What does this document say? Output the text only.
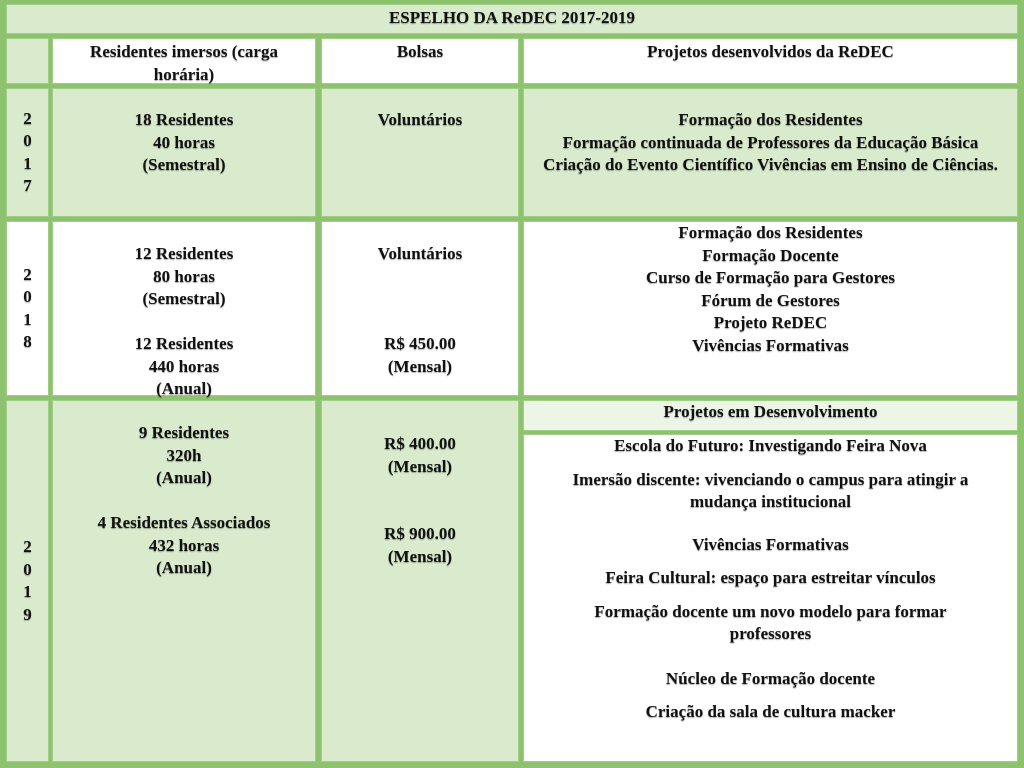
ESPELHO DA ReDEC 2017-2019
Residentes imersos (carga horária)
Bolsas	Projetos desenvolvidos da ReDEC
2
0
1
7
18 Residentes
40 horas
(Semestral)
Voluntários	Formação dos Residentes
Formação continuada de Professores da Educação Básica
Criação do Evento Científico Vivências em Ensino de Ciências.
2
0
1
8
12 Residentes
80 horas
(Semestral)
12 Residentes
440 horas
(Anual)
Voluntários
R$ 450.00
(Mensal)
Formação dos Residentes
Formação Docente
Curso de Formação para Gestores
Fórum de Gestores
Projeto ReDEC
Vivências Formativas
2
0
1
9
9 Residentes
320h
(Anual)
4 Residentes Associados
432 horas
(Anual)
R$ 400.00
(Mensal)
R$ 900.00
(Mensal)
Projetos em Desenvolvimento
Escola do Futuro: Investigando Feira Nova
Imersão discente: vivenciando o campus para atingir a mudança institucional
Vivências Formativas
Feira Cultural: espaço para estreitar vínculos
Formação docente um novo modelo para formar professores
Núcleo de Formação docente
Criação da sala de cultura macker
